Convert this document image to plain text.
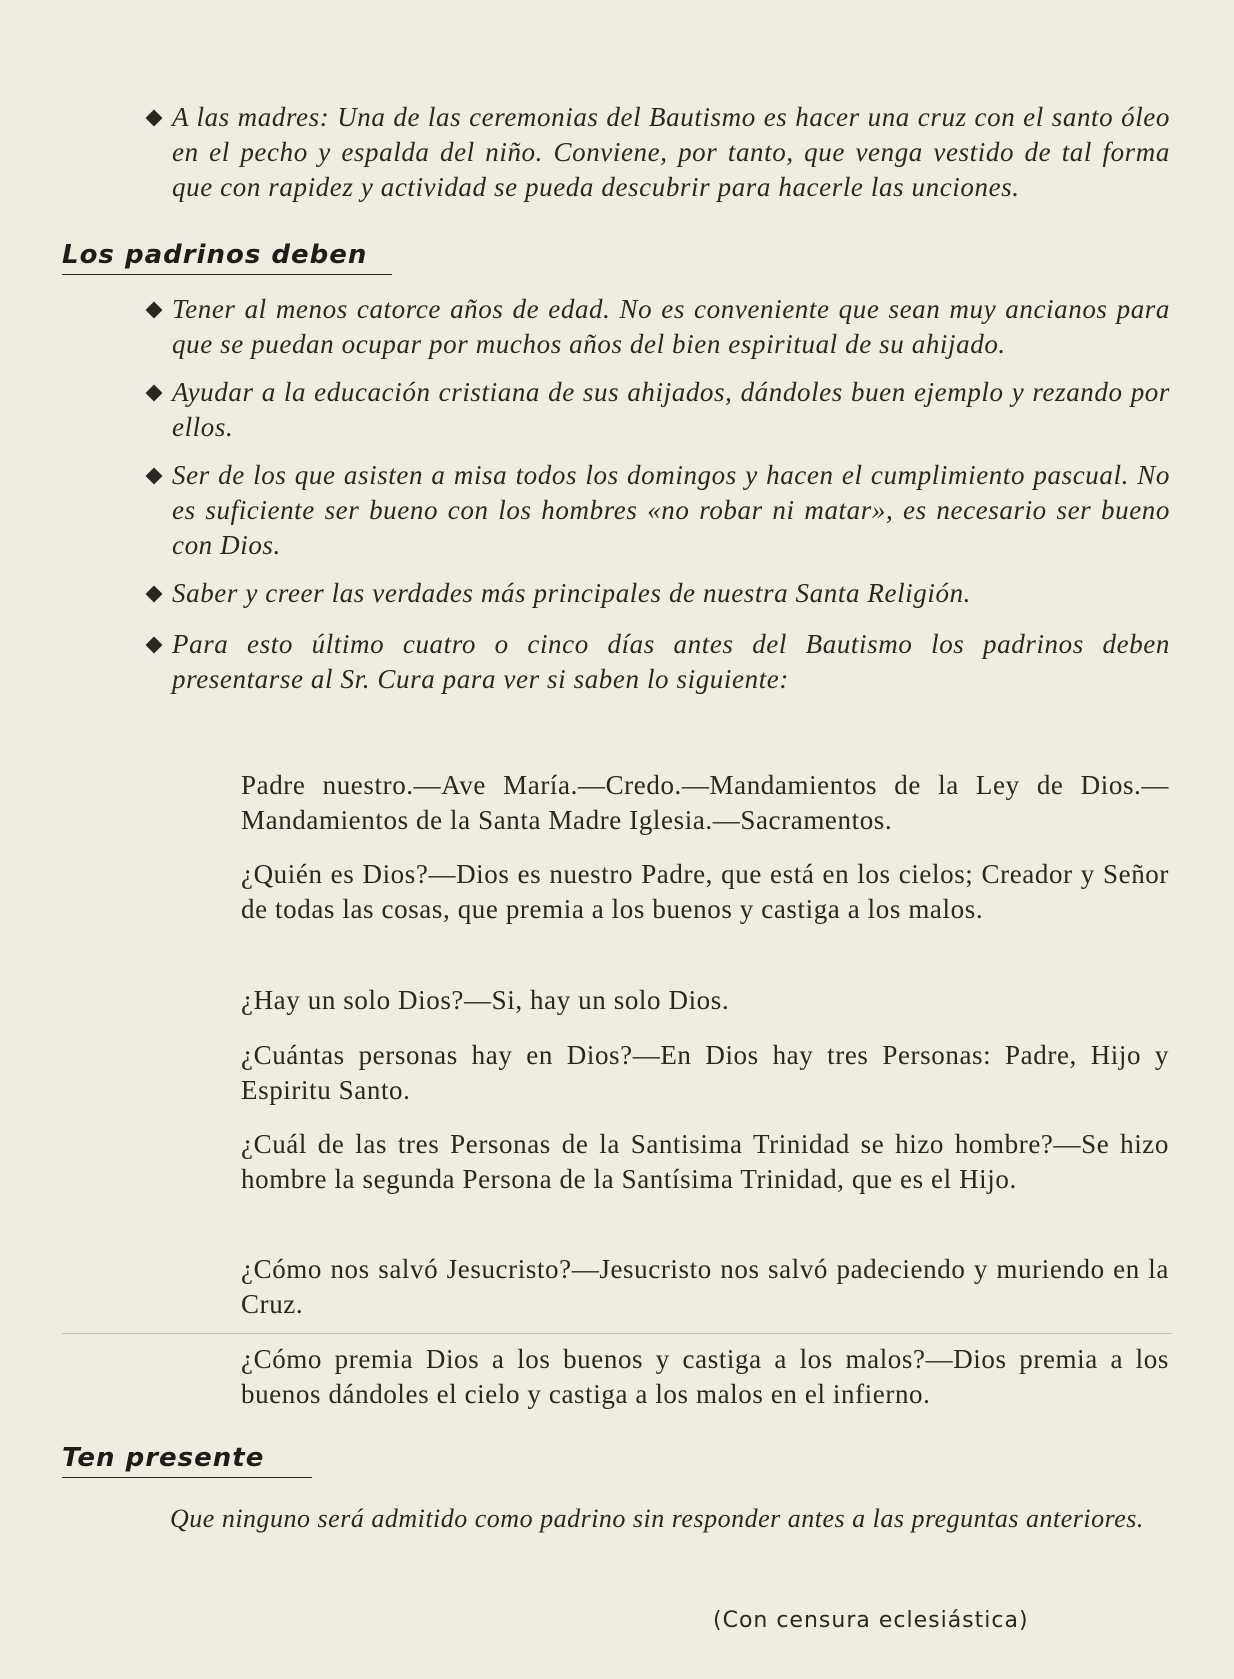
A las madres: Una de las ceremonias del Bautismo es hacer una cruz con el santo óleo en el pecho y espalda del niño. Conviene, por tanto, que venga vestido de tal forma que con rapidez y actividad se pueda descubrir para hacerle las unciones.

Los padrinos deben

Tener al menos catorce años de edad. No es conveniente que sean muy ancianos para que se puedan ocupar por muchos años del bien espiritual de su ahijado.

Ayudar a la educación cristiana de sus ahijados, dándoles buen ejemplo y rezando por ellos.

Ser de los que asisten a misa todos los domingos y hacen el cumplimiento pascual. No es suficiente ser bueno con los hombres «no robar ni matar», es necesario ser bueno con Dios.

Saber y creer las verdades más principales de nuestra Santa Religión.

Para esto último cuatro o cinco días antes del Bautismo los padrinos deben presentarse al Sr. Cura para ver si saben lo siguiente:

Padre nuestro.—Ave María.—Credo.—Mandamientos de la Ley de Dios.—Mandamientos de la Santa Madre Iglesia.—Sacramentos.

¿Quién es Dios?—Dios es nuestro Padre, que está en los cielos; Creador y Señor de todas las cosas, que premia a los buenos y castiga a los malos.

¿Hay un solo Dios?—Si, hay un solo Dios.

¿Cuántas personas hay en Dios?—En Dios hay tres Personas: Padre, Hijo y Espiritu Santo.

¿Cuál de las tres Personas de la Santisima Trinidad se hizo hombre?—Se hizo hombre la segunda Persona de la Santísima Trinidad, que es el Hijo.

¿Cómo nos salvó Jesucristo?—Jesucristo nos salvó padeciendo y muriendo en la Cruz.

¿Cómo premia Dios a los buenos y castiga a los malos?—Dios premia a los buenos dándoles el cielo y castiga a los malos en el infierno.

Ten presente

Que ninguno será admitido como padrino sin responder antes a las preguntas anteriores.

(Con censura eclesiástica)
